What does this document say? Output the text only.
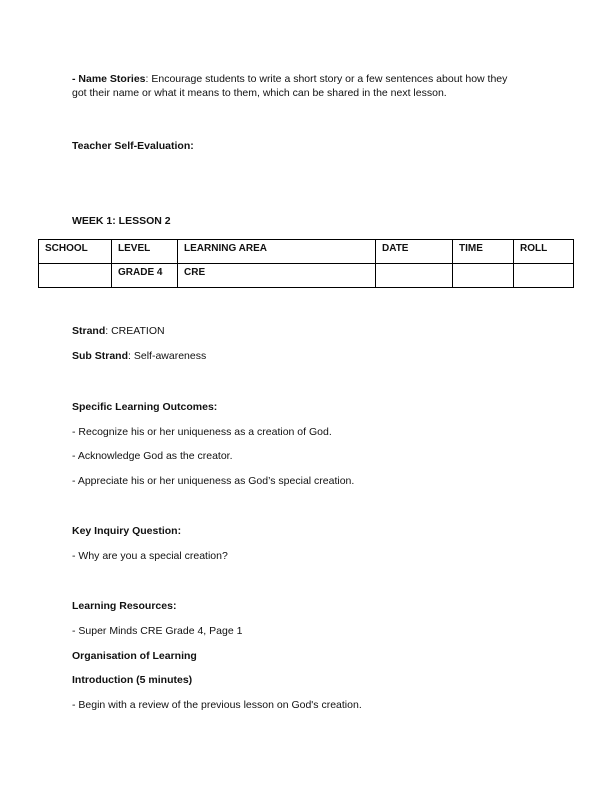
- Name Stories: Encourage students to write a short story or a few sentences about how they
got their name or what it means to them, which can be shared in the next lesson.
Teacher Self-Evaluation:
WEEK 1: LESSON 2
SCHOOL	LEVEL	LEARNING AREA	DATE	TIME	ROLL
	GRADE 4	CRE			
Strand: CREATION
Sub Strand: Self-awareness
Specific Learning Outcomes:
- Recognize his or her uniqueness as a creation of God.
- Acknowledge God as the creator.
- Appreciate his or her uniqueness as God’s special creation.
Key Inquiry Question:
- Why are you a special creation?
Learning Resources:
- Super Minds CRE Grade 4, Page 1
Organisation of Learning
Introduction (5 minutes)
- Begin with a review of the previous lesson on God's creation.
